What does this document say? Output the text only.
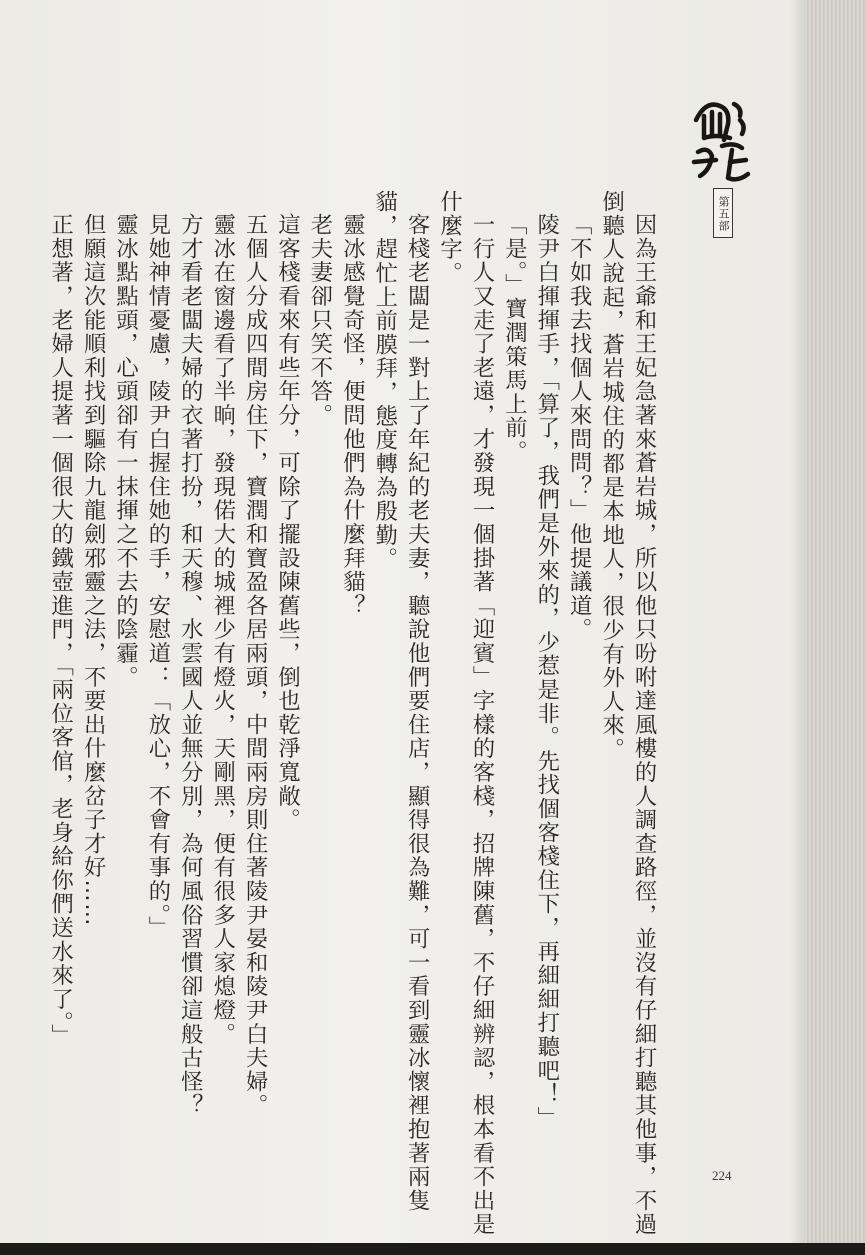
第五部

因為王爺和王妃急著來蒼岩城，所以他只吩咐達風樓的人調查路徑，並沒有仔細打聽其他事，不過倒聽人說起，蒼岩城住的都是本地人，很少有外人來。

「不如我去找個人來問問？」他提議道。

陵尹白揮揮手，「算了，我們是外來的，少惹是非。先找個客棧住下，再細細打聽吧！」

「是。」寶潤策馬上前。

一行人又走了老遠，才發現一個掛著「迎賓」字樣的客棧，招牌陳舊，不仔細辨認，根本看不出是什麼字。

客棧老闆是一對上了年紀的老夫妻，聽說他們要住店，顯得很為難，可一看到靈冰懷裡抱著兩隻貓，趕忙上前膜拜，態度轉為殷勤。

靈冰感覺奇怪，便問他們為什麼拜貓？

老夫妻卻只笑不答。

這客棧看來有些年分，可除了擺設陳舊些，倒也乾淨寬敞。

五個人分成四間房住下，寶潤和寶盈各居兩頭，中間兩房則住著陵尹晏和陵尹白夫婦。

靈冰在窗邊看了半晌，發現偌大的城裡少有燈火，天剛黑，便有很多人家熄燈。

方才看老闆夫婦的衣著打扮，和天穆、水雲國人並無分別，為何風俗習慣卻這般古怪？

見她神情憂慮，陵尹白握住她的手，安慰道：「放心，不會有事的。」

靈冰點點頭，心頭卻有一抹揮之不去的陰霾。

但願這次能順利找到驅除九龍劍邪靈之法，不要出什麼岔子才好……

正想著，老婦人提著一個很大的鐵壺進門，「兩位客倌，老身給你們送水來了。」

224
